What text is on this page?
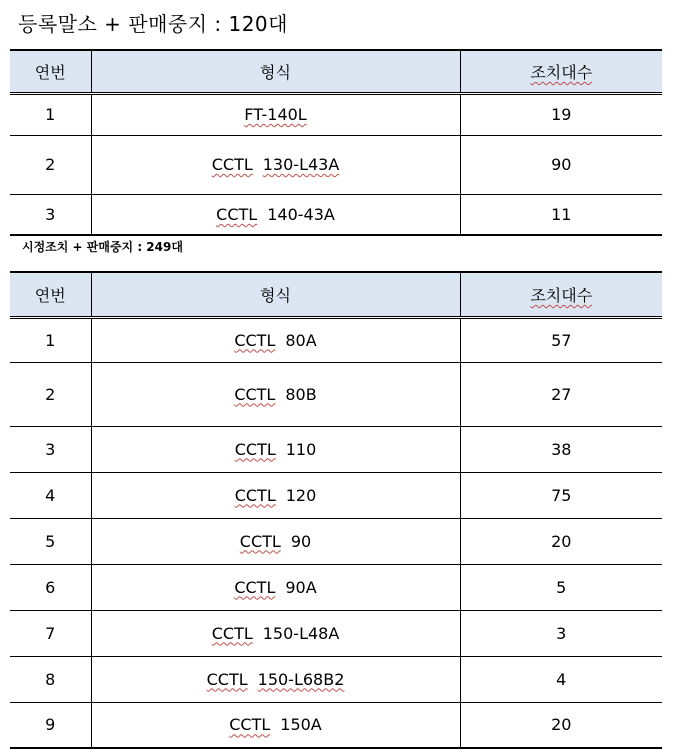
등록말소 + 판매중지 : 120대
연번	형식	조치대수
1	FT-140L	19
2	CCTL 130-L43A	90
3	CCTL 140-43A	11
시정조치 + 판매중지 : 249대
연번	형식	조치대수
1	CCTL 80A	57
2	CCTL 80B	27
3	CCTL 110	38
4	CCTL 120	75
5	CCTL 90	20
6	CCTL 90A	5
7	CCTL 150-L48A	3
8	CCTL 150-L68B2	4
9	CCTL 150A	20
